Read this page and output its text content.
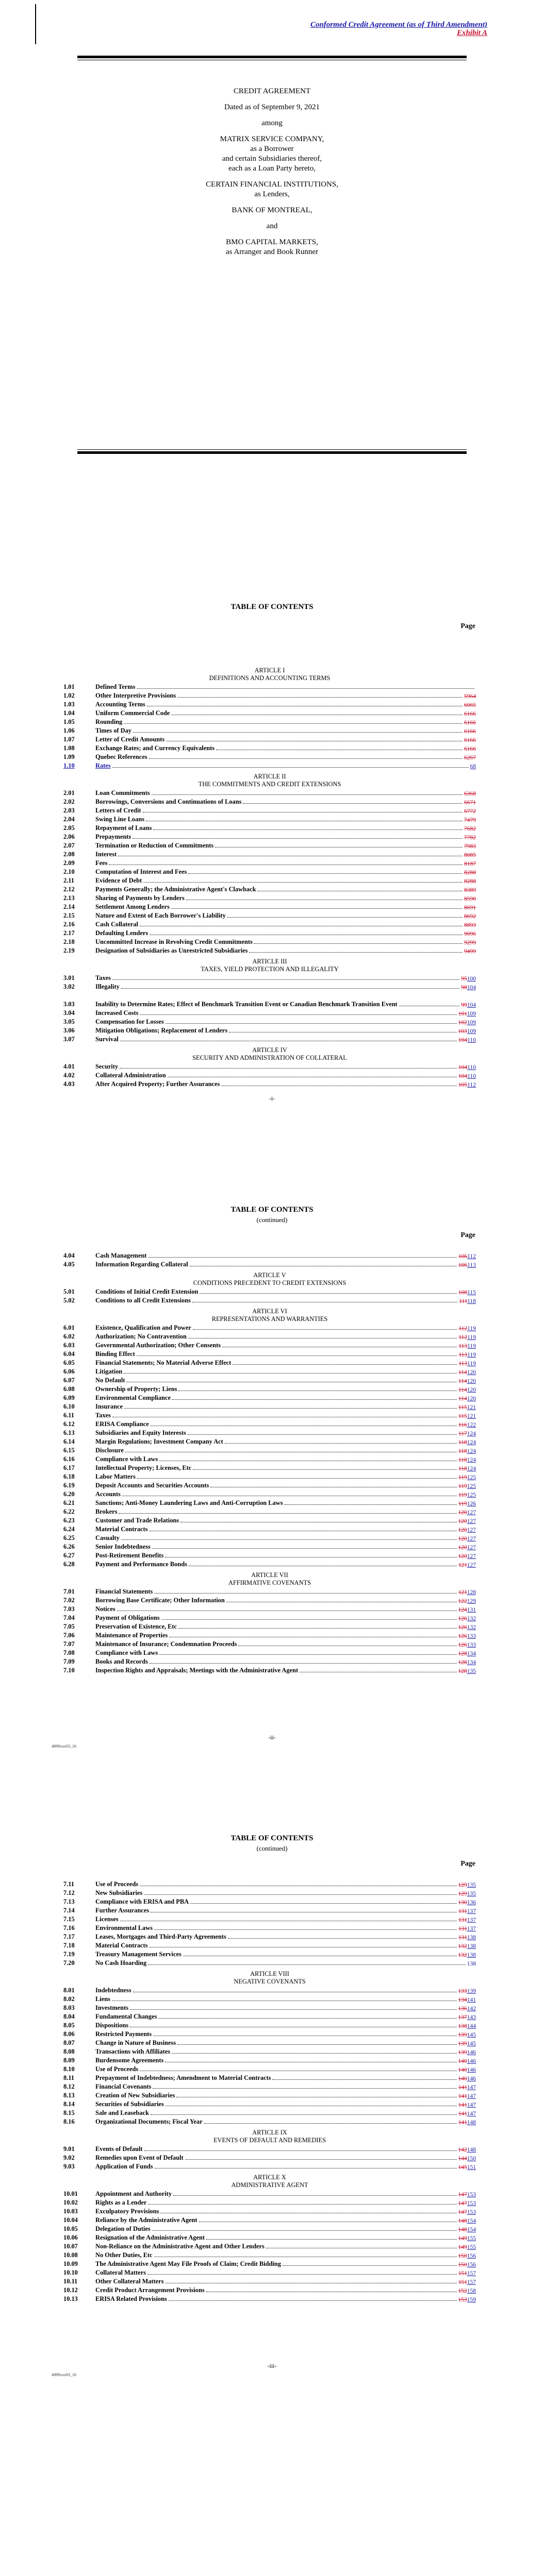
Conformed Credit Agreement (as of Third Amendment)
Exhibit A
CREDIT AGREEMENT

Dated as of September 9, 2021

among

MATRIX SERVICE COMPANY,
as a Borrower
and certain Subsidiaries thereof,
each as a Loan Party hereto,

CERTAIN FINANCIAL INSTITUTIONS,
as Lenders,

BANK OF MONTREAL,

and

BMO CAPITAL MARKETS,
as Arranger and Book Runner
TABLE OF CONTENTS
Page
ARTICLE I
DEFINITIONS AND ACCOUNTING TERMS
1.01	Defined Terms
1.02	Other Interpretive Provisions	5964
1.03	Accounting Terms	6065
1.04	Uniform Commercial Code	6166
1.05	Rounding	6166
1.06	Times of Day	6166
1.07	Letter of Credit Amounts	6166
1.08	Exchange Rates; and Currency Equivalents	6166
1.09	Quebec References	6267
1.10	Rates	68
ARTICLE II
THE COMMITMENTS AND CREDIT EXTENSIONS
2.01	Loan Commitments	6368
2.02	Borrowings, Conversions and Continuations of Loans	6671
2.03	Letters of Credit	6772
2.04	Swing Line Loans	7479
2.05	Repayment of Loans	7682
2.06	Prepayments	7782
2.07	Termination or Reduction of Commitments	7983
2.08	Interest	8085
2.09	Fees	8187
2.10	Computation of Interest and Fees	8288
2.11	Evidence of Debt	8288
2.12	Payments Generally; the Administrative Agent's Clawback	8389
2.13	Sharing of Payments by Lenders	8590
2.14	Settlement Among Lenders	8691
2.15	Nature and Extent of Each Borrower's Liability	8692
2.16	Cash Collateral	8893
2.17	Defaulting Lenders	9096
2.18	Uncommitted Increase in Revolving Credit Commitments	9299
2.19	Designation of Subsidiaries as Unrestricted Subsidiaries	9499
ARTICLE III
TAXES, YIELD PROTECTION AND ILLEGALITY
3.01	Taxes	95100
3.02	Illegality	98104
3.03	Inability to Determine Rates; Effect of Benchmark Transition Event or Canadian Benchmark Transition Event	99104
3.04	Increased Costs	101109
3.05	Compensation for Losses	102109
3.06	Mitigation Obligations; Replacement of Lenders	103109
3.07	Survival	104110
ARTICLE IV
SECURITY AND ADMINISTRATION OF COLLATERAL
4.01	Security	104110
4.02	Collateral Administration	104110
4.03	After Acquired Property; Further Assurances	105112
-i-
TABLE OF CONTENTS
(continued)
Page
4.04	Cash Management	106112
4.05	Information Regarding Collateral	106113
ARTICLE V
CONDITIONS PRECEDENT TO CREDIT EXTENSIONS
5.01	Conditions of Initial Credit Extension	108115
5.02	Conditions to all Credit Extensions	111118
ARTICLE VI
REPRESENTATIONS AND WARRANTIES
6.01	Existence, Qualification and Power	112119
6.02	Authorization; No Contravention	112119
6.03	Governmental Authorization; Other Consents	113119
6.04	Binding Effect	113119
6.05	Financial Statements; No Material Adverse Effect	113119
6.06	Litigation	114120
6.07	No Default	114120
6.08	Ownership of Property; Liens	114120
6.09	Environmental Compliance	114120
6.10	Insurance	115121
6.11	Taxes	115121
6.12	ERISA Compliance	116122
6.13	Subsidiaries and Equity Interests	117124
6.14	Margin Regulations; Investment Company Act	118124
6.15	Disclosure	118124
6.16	Compliance with Laws	118124
6.17	Intellectual Property; Licenses, Etc	118124
6.18	Labor Matters	119125
6.19	Deposit Accounts and Securities Accounts	119125
6.20	Accounts	119125
6.21	Sanctions; Anti-Money Laundering Laws and Anti-Corruption Laws	119126
6.22	Brokers	120127
6.23	Customer and Trade Relations	120127
6.24	Material Contracts	120127
6.25	Casualty	120127
6.26	Senior Indebtedness	120127
6.27	Post-Retirement Benefits	120127
6.28	Payment and Performance Bonds	121127
ARTICLE VII
AFFIRMATIVE COVENANTS
7.01	Financial Statements	121128
7.02	Borrowing Base Certificate; Other Information	122129
7.03	Notices	124131
7.04	Payment of Obligations	126132
7.05	Preservation of Existence, Etc	126132
7.06	Maintenance of Properties	126133
7.07	Maintenance of Insurance; Condemnation Proceeds	126133
7.08	Compliance with Laws	128134
7.09	Books and Records	128134
7.10	Inspection Rights and Appraisals; Meetings with the Administrative Agent	128135
-ii-
4899xxx03_16
TABLE OF CONTENTS
(continued)
Page
7.11	Use of Proceeds	129135
7.12	New Subsidiaries	129135
7.13	Compliance with ERISA and PBA	130136
7.14	Further Assurances	131137
7.15	Licenses	131137
7.16	Environmental Laws	131137
7.17	Leases, Mortgages and Third-Party Agreements	131138
7.18	Material Contracts	132138
7.19	Treasury Management Services	132138
7.20	No Cash Hoarding	138
ARTICLE VIII
NEGATIVE COVENANTS
8.01	Indebtedness	133139
8.02	Liens	134141
8.03	Investments	136142
8.04	Fundamental Changes	137143
8.05	Dispositions	138144
8.06	Restricted Payments	139145
8.07	Change in Nature of Business	139145
8.08	Transactions with Affiliates	139146
8.09	Burdensome Agreements	140146
8.10	Use of Proceeds	140146
8.11	Prepayment of Indebtedness; Amendment to Material Contracts	140146
8.12	Financial Covenants	141147
8.13	Creation of New Subsidiaries	141147
8.14	Securities of Subsidiaries	141147
8.15	Sale and Leaseback	141147
8.16	Organizational Documents; Fiscal Year	141148
ARTICLE IX
EVENTS OF DEFAULT AND REMEDIES
9.01	Events of Default	142148
9.02	Remedies upon Event of Default	144150
9.03	Application of Funds	145151
ARTICLE X
ADMINISTRATIVE AGENT
10.01	Appointment and Authority	147153
10.02	Rights as a Lender	147153
10.03	Exculpatory Provisions	147153
10.04	Reliance by the Administrative Agent	148154
10.05	Delegation of Duties	148154
10.06	Resignation of the Administrative Agent	149155
10.07	Non-Reliance on the Administrative Agent and Other Lenders	149155
10.08	No Other Duties, Etc	150156
10.09	The Administrative Agent May File Proofs of Claim; Credit Bidding	150156
10.10	Collateral Matters	151157
10.11	Other Collateral Matters	151157
10.12	Credit Product Arrangement Provisions	152158
10.13	ERISA Related Provisions	153159
-iii-
4899xxx03_16
